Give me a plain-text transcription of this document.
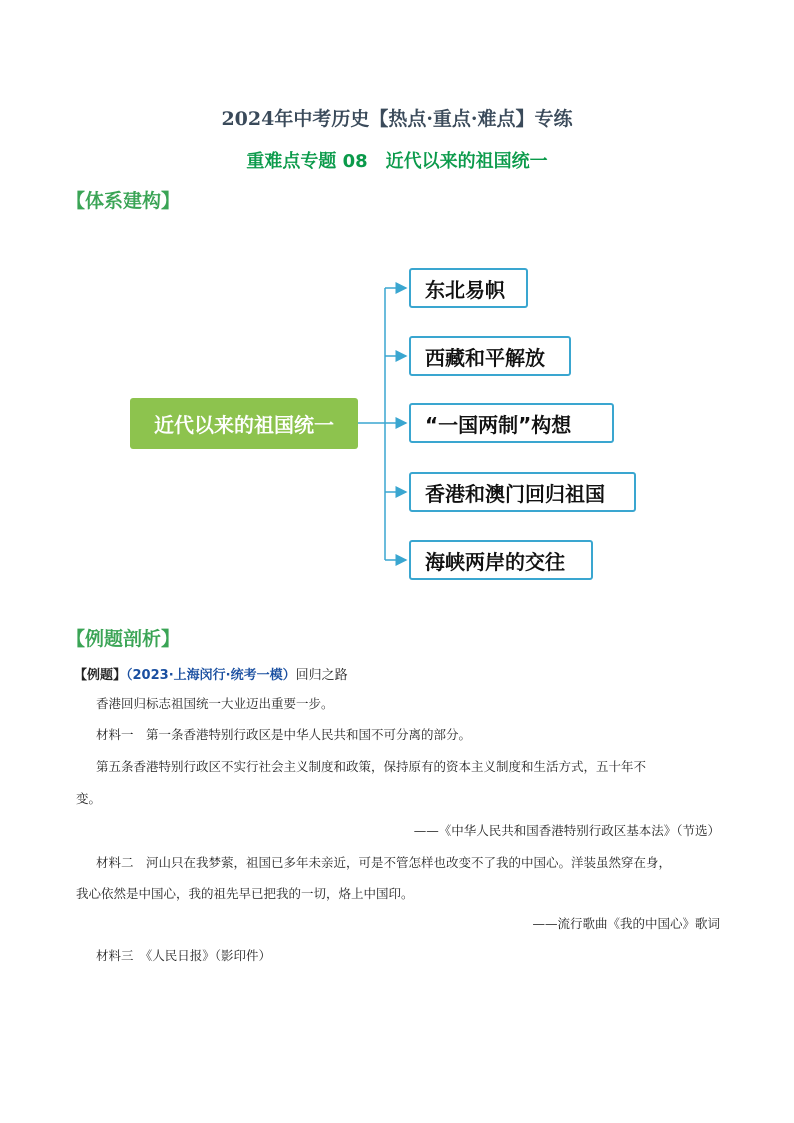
2024年中考历史【热点·重点·难点】专练
重难点专题 08　近代以来的祖国统一
【体系建构】
近代以来的祖国统一
东北易帜
西藏和平解放
“一国两制”构想
香港和澳门回归祖国
海峡两岸的交往
【例题剖析】
【例题】（2023·上海闵行·统考一模）回归之路
香港回归标志祖国统一大业迈出重要一步。
材料一　第一条香港特别行政区是中华人民共和国不可分离的部分。
第五条香港特别行政区不实行社会主义制度和政策，保持原有的资本主义制度和生活方式，五十年不
变。
——《中华人民共和国香港特别行政区基本法》（节选）
材料二　河山只在我梦萦，祖国已多年未亲近，可是不管怎样也改变不了我的中国心。洋装虽然穿在身，
我心依然是中国心，我的祖先早已把我的一切，烙上中国印。
——流行歌曲《我的中国心》歌词
材料三　《人民日报》（影印件）
